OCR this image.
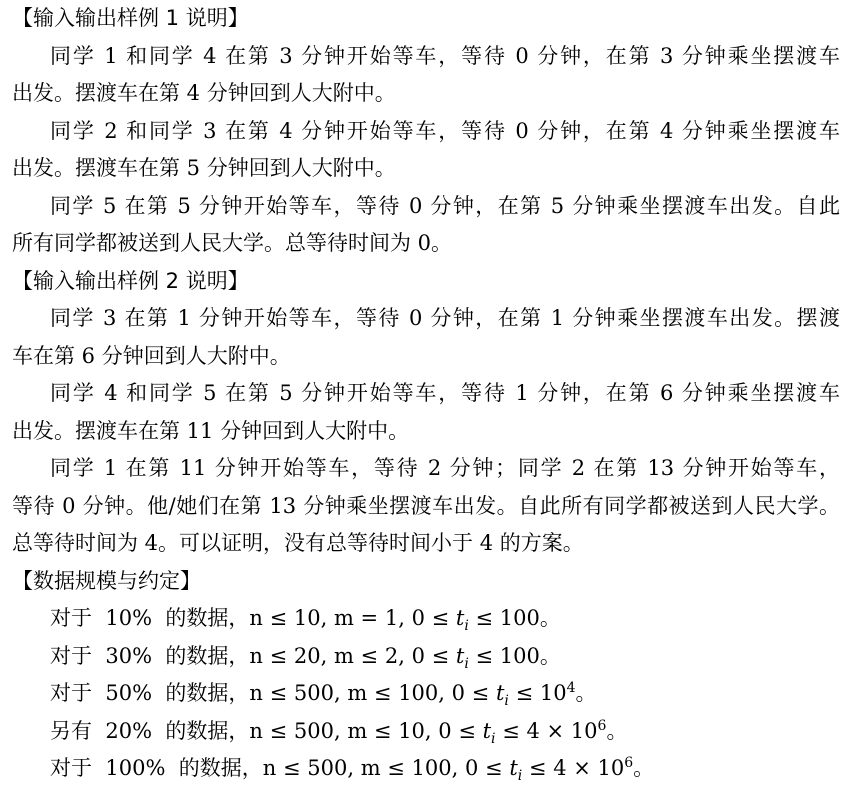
【输入输出样例 1 说明】
同学 1 和同学 4 在第 3 分钟开始等车，等待 0 分钟，在第 3 分钟乘坐摆渡车
出发。摆渡车在第 4 分钟回到人大附中。
同学 2 和同学 3 在第 4 分钟开始等车，等待 0 分钟，在第 4 分钟乘坐摆渡车
出发。摆渡车在第 5 分钟回到人大附中。
同学 5 在第 5 分钟开始等车，等待 0 分钟，在第 5 分钟乘坐摆渡车出发。自此
所有同学都被送到人民大学。总等待时间为 0。
【输入输出样例 2 说明】
同学 3 在第 1 分钟开始等车，等待 0 分钟，在第 1 分钟乘坐摆渡车出发。摆渡
车在第 6 分钟回到人大附中。
同学 4 和同学 5 在第 5 分钟开始等车，等待 1 分钟，在第 6 分钟乘坐摆渡车
出发。摆渡车在第 11 分钟回到人大附中。
同学 1 在第 11 分钟开始等车，等待 2 分钟；同学 2 在第 13 分钟开始等车，
等待 0 分钟。他/她们在第 13 分钟乘坐摆渡车出发。自此所有同学都被送到人民大学。
总等待时间为 4。可以证明，没有总等待时间小于 4 的方案。
【数据规模与约定】
对于 10% 的数据，n ≤ 10, m = 1, $0 \le t_i \le 100$。
对于 30% 的数据，n ≤ 20, m ≤ 2, $0 \le t_i \le 100$。
对于 50% 的数据，n ≤ 500, m ≤ 100, $0 \le t_i \le 10^4$。
另有 20% 的数据，n ≤ 500, m ≤ 10, $0 \le t_i \le 4 \times 10^6$。
对于 100% 的数据，n ≤ 500, m ≤ 100, $0 \le t_i \le 4 \times 10^6$。
